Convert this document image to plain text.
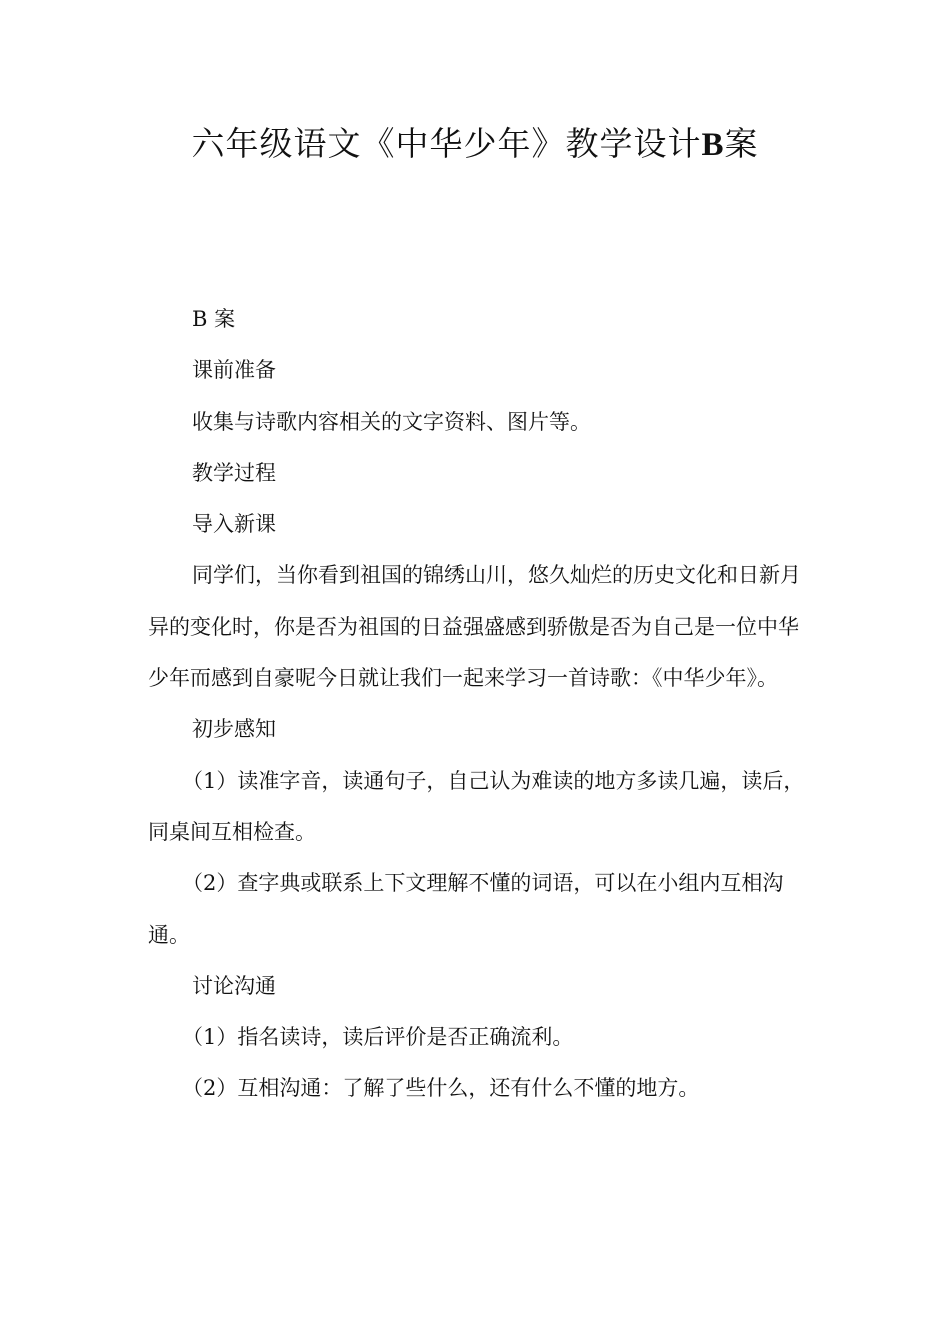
六年级语文《中华少年》教学设计B案

B 案

课前准备

收集与诗歌内容相关的文字资料、图片等。

教学过程

导入新课

同学们，当你看到祖国的锦绣山川，悠久灿烂的历史文化和日新月异的变化时，你是否为祖国的日益强盛感到骄傲是否为自己是一位中华少年而感到自豪呢今日就让我们一起来学习一首诗歌：《中华少年》。

初步感知

（1）读准字音，读通句子，自己认为难读的地方多读几遍，读后，同桌间互相检查。

（2）查字典或联系上下文理解不懂的词语，可以在小组内互相沟通。

讨论沟通

（1）指名读诗，读后评价是否正确流利。

（2）互相沟通：了解了些什么，还有什么不懂的地方。
